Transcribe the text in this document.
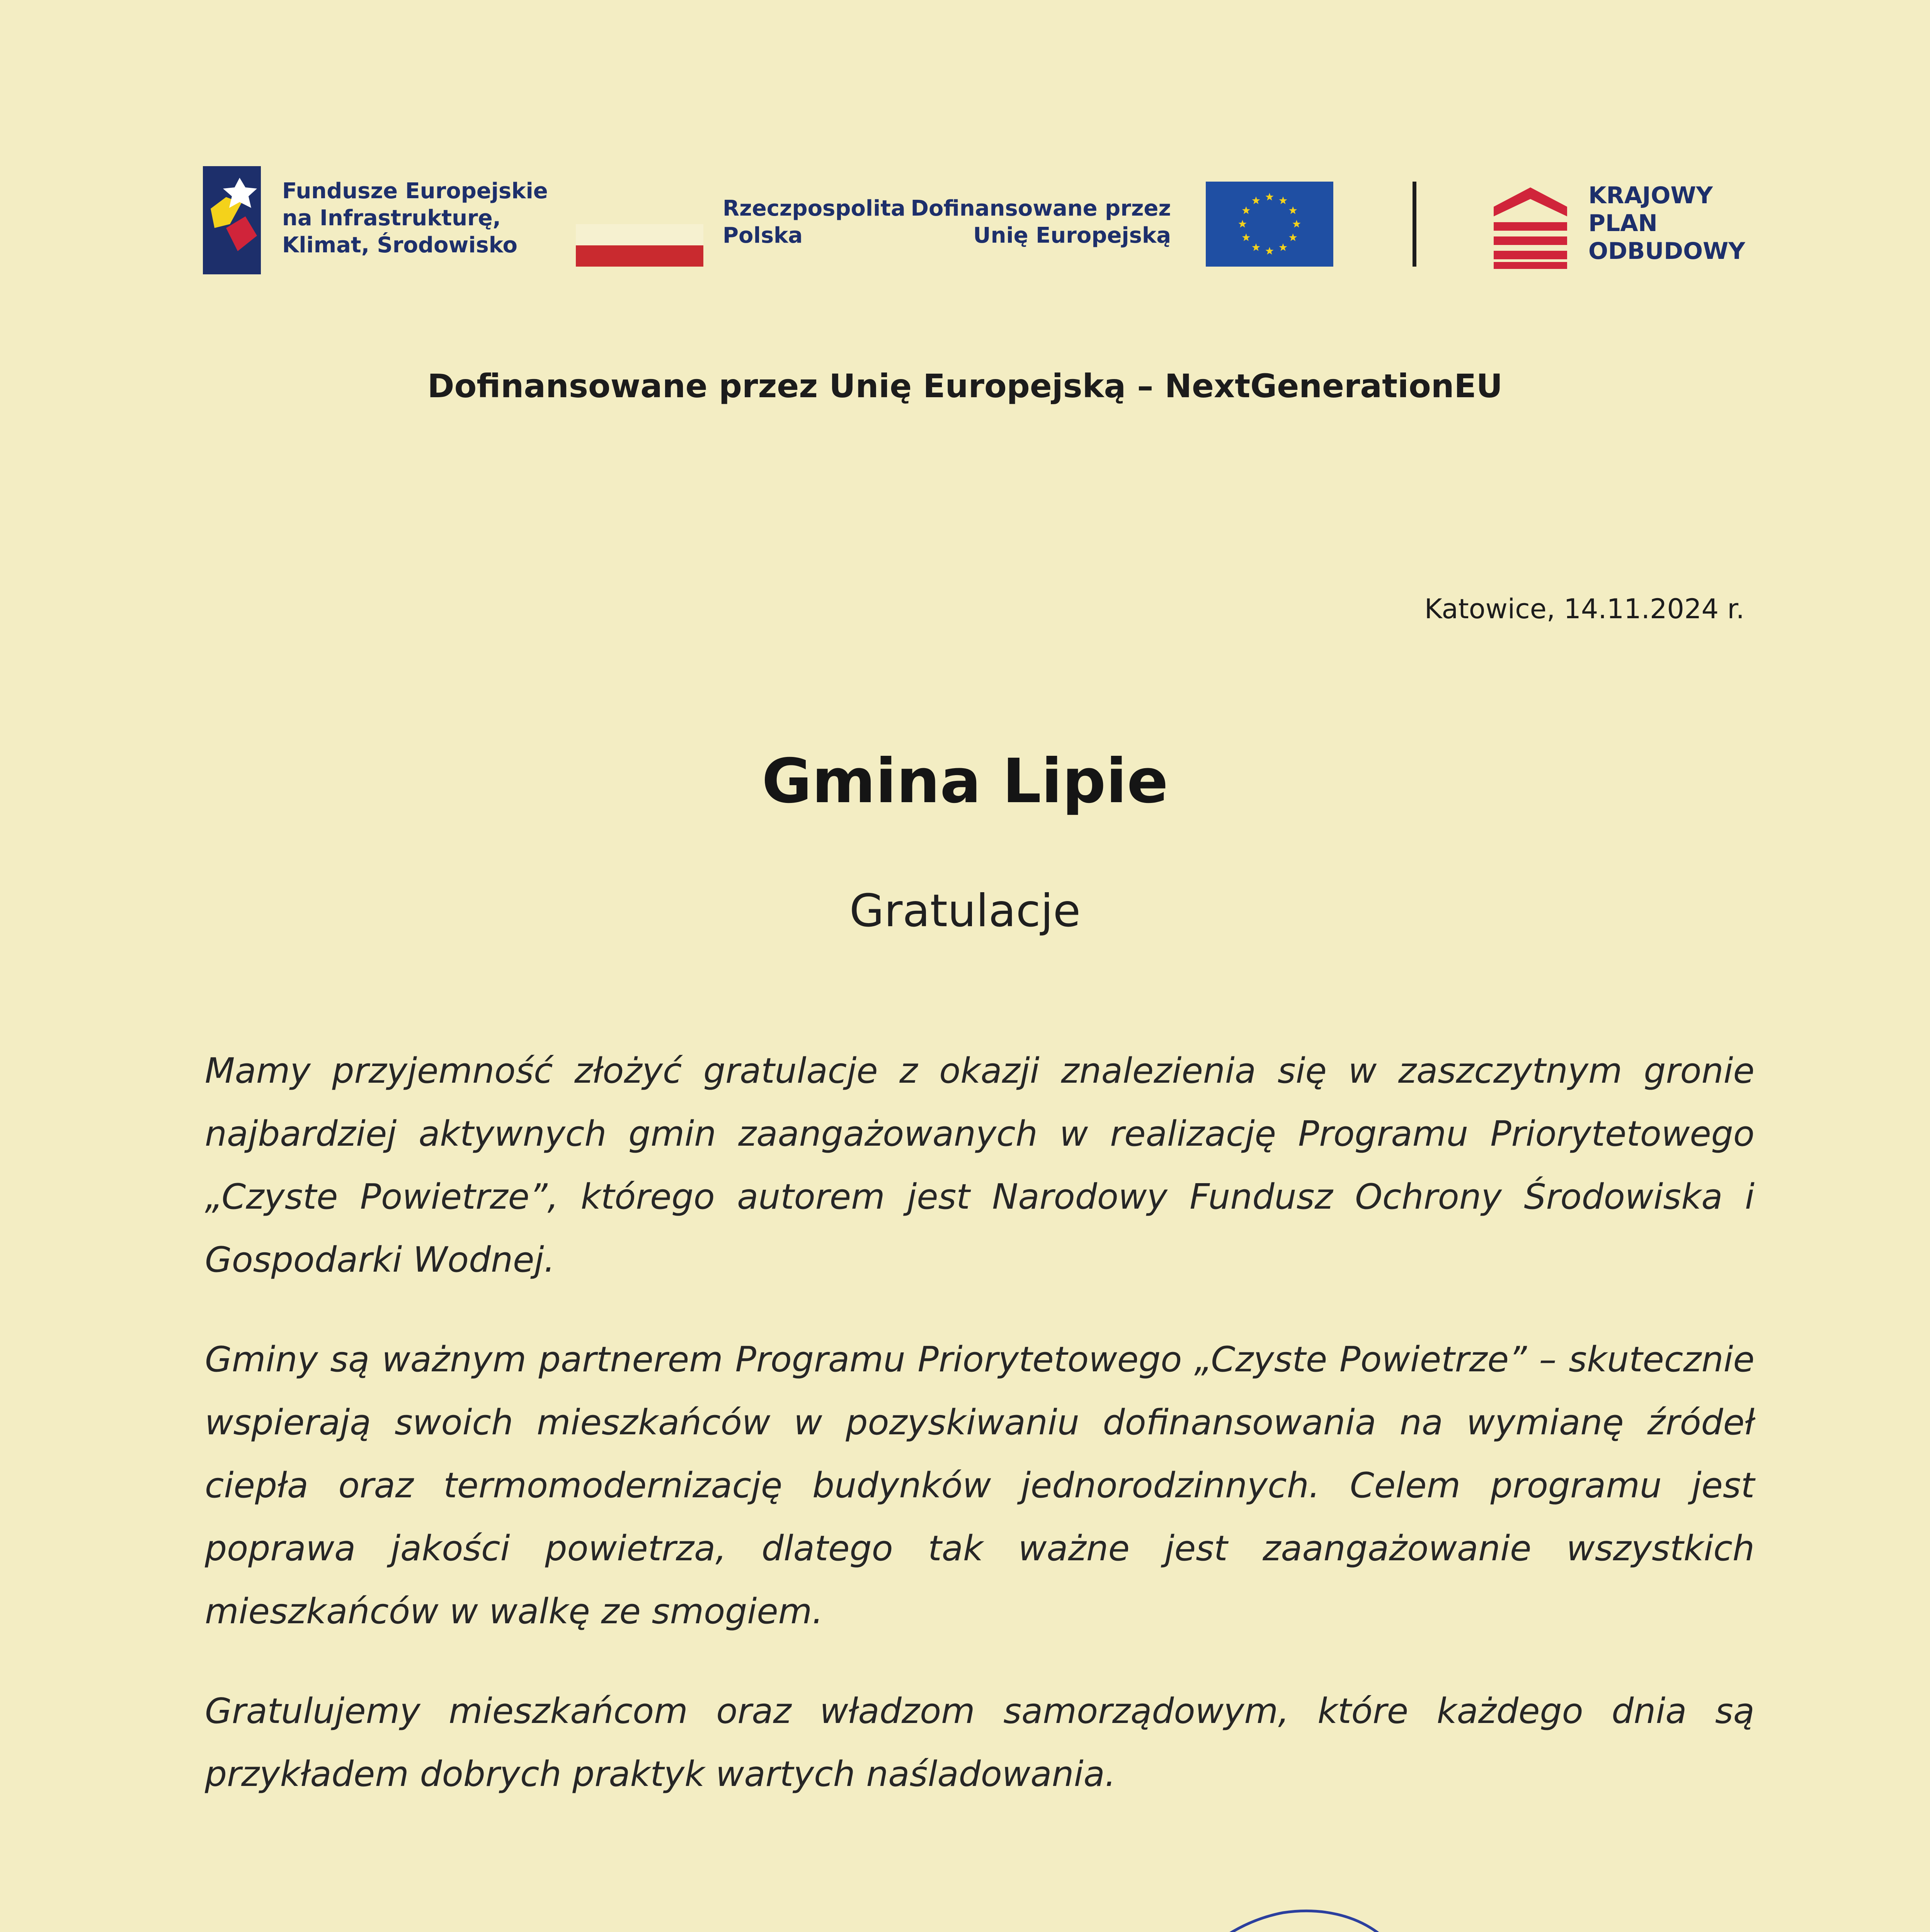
Fundusze Europejskie
na Infrastrukturę,
Klimat, Środowisko
Rzeczpospolita
Polska
Dofinansowane przez
Unię Europejską
KRAJOWY
PLAN
ODBUDOWY
Dofinansowane przez Unię Europejską – NextGenerationEU
Katowice, 14.11.2024 r.
Gmina Lipie
Gratulacje

Mamy przyjemność złożyć gratulacje z okazji znalezienia się w zaszczytnym gronie najbardziej aktywnych gmin zaangażowanych w realizację Programu Priorytetowego „Czyste Powietrze”, którego autorem jest Narodowy Fundusz Ochrony Środowiska i Gospodarki Wodnej.

Gminy są ważnym partnerem Programu Priorytetowego „Czyste Powietrze” – skutecznie wspierają swoich mieszkańców w pozyskiwaniu dofinansowania na wymianę źródeł ciepła oraz termomodernizację budynków jednorodzinnych. Celem programu jest poprawa jakości powietrza, dlatego tak ważne jest zaangażowanie wszystkich mieszkańców w walkę ze smogiem.

Gratulujemy mieszkańcom oraz władzom samorządowym, które każdego dnia są przykładem dobrych praktyk wartych naśladowania.
